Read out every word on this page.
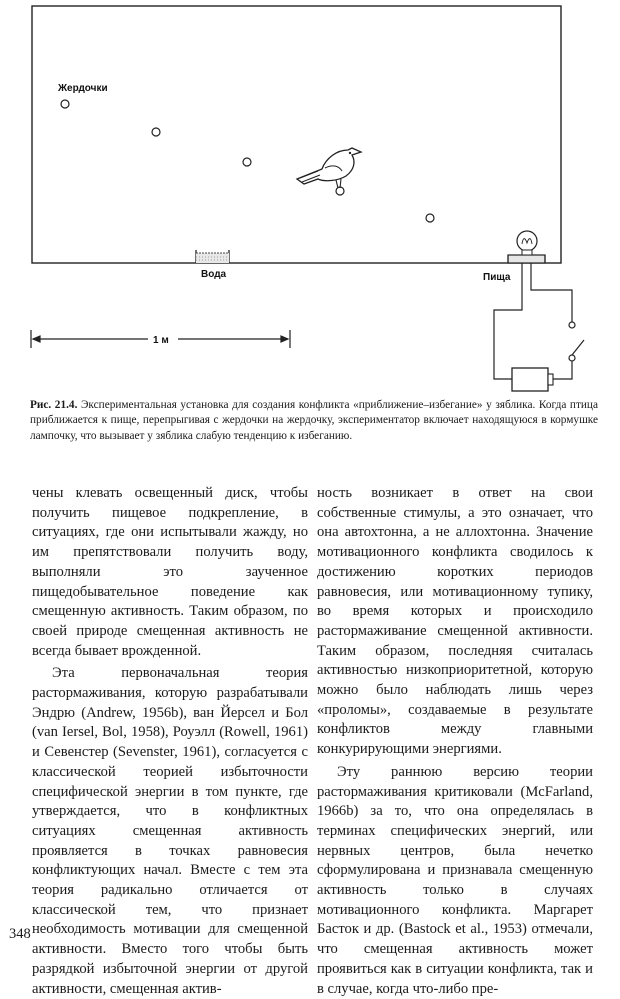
Жердочки
Вода	Пища
1 м
Рис. 21.4. Экспериментальная установка для создания конфликта «приближение–избегание» у зяблика. Когда птица приближается к пище, перепрыгивая с жердочки на жердочку, экспериментатор включает находящуюся в кормушке лампочку, что вызывает у зяблика слабую тенденцию к избеганию.

чены клевать освещенный диск, чтобы получить пищевое подкрепление, в ситуациях, где они испытывали жажду, но им препятствовали получить воду, выполняли это заученное пищедобывательное поведение как смещенную активность. Таким образом, по своей природе смещенная активность не всегда бывает врожденной.

Эта первоначальная теория растормаживания, которую разрабатывали Эндрю (Andrew, 1956b), ван Йерсел и Бол (van Iersel, Bol, 1958), Роуэлл (Rowell, 1961) и Севенстер (Sevenster, 1961), согласуется с классической теорией избыточности специфической энергии в том пункте, где утверждается, что в конфликтных ситуациях смещенная активность проявляется в точках равновесия конфликтующих начал. Вместе с тем эта теория радикально отличается от классической тем, что признает необходимость мотивации для смещенной активности. Вместо того чтобы быть разрядкой избыточной энергии от другой активности, смещенная актив-

ность возникает в ответ на свои собственные стимулы, а это означает, что она автохтонна, а не аллохтонна. Значение мотивационного конфликта сводилось к достижению коротких периодов равновесия, или мотивационному тупику, во время которых и происходило растормаживание смещенной активности. Таким образом, последняя считалась активностью низкоприоритетной, которую можно было наблюдать лишь через «проломы», создаваемые в результате конфликтов между главными конкурирующими энергиями.

Эту раннюю версию теории растормаживания критиковали (McFarland, 1966b) за то, что она определялась в терминах специфических энергий, или нервных центров, была нечетко сформулирована и признавала смещенную активность только в случаях мотивационного конфликта. Маргарет Басток и др. (Bastock et al., 1953) отмечали, что смещенная активность может проявиться как в ситуации конфликта, так и в случае, когда что-либо пре-

348
